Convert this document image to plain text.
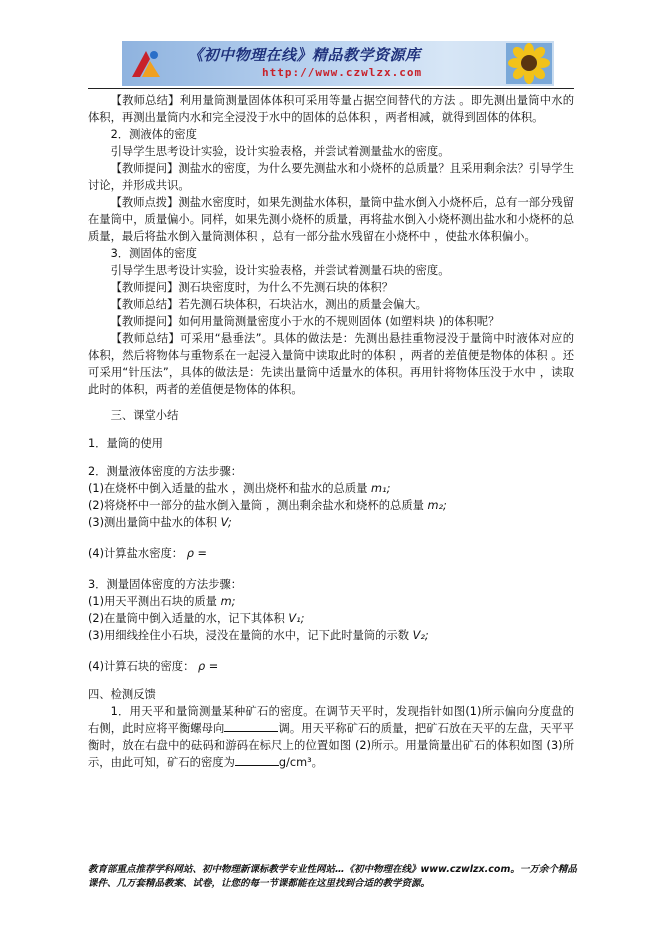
《初中物理在线》精品教学资源库
http://www.czwlzx.com

【教师总结】利用量筒测量固体体积可采用等量占据空间替代的方法 。即先测出量筒中水的体积，再测出量筒内水和完全浸没于水中的固体的总体积 ，两者相减，就得到固体的体积。

2．测液体的密度

引导学生思考设计实验，设计实验表格，并尝试着测量盐水的密度。

【教师提问】测盐水的密度，为什么要先测盐水和小烧杯的总质量？且采用剩余法？引导学生讨论，并形成共识。

【教师点拨】测盐水密度时，如果先测盐水体积，量筒中盐水倒入小烧杯后，总有一部分残留在量筒中，质量偏小。同样，如果先测小烧杯的质量，再将盐水倒入小烧杯测出盐水和小烧杯的总质量，最后将盐水倒入量筒测体积 ，总有一部分盐水残留在小烧杯中 ，使盐水体积偏小。

3．测固体的密度

引导学生思考设计实验，设计实验表格，并尝试着测量石块的密度。

【教师提问】测石块密度时，为什么不先测石块的体积？

【教师总结】若先测石块体积，石块沾水，测出的质量会偏大。

【教师提问】如何用量筒测量密度小于水的不规则固体 (如塑料块 )的体积呢？

【教师总结】可采用“悬垂法”。具体的做法是：先测出悬挂重物浸没于量筒中时液体对应的体积，然后将物体与重物系在一起浸入量筒中读取此时的体积 ，两者的差值便是物体的体积 。还可采用“针压法”，具体的做法是：先读出量筒中适量水的体积。再用针将物体压没于水中 ，读取此时的体积，两者的差值便是物体的体积。

三、课堂小结

1．量筒的使用

2．测量液体密度的方法步骤：

(1)在烧杯中倒入适量的盐水 ，测出烧杯和盐水的总质量 m₁;

(2)将烧杯中一部分的盐水倒入量筒 ，测出剩余盐水和烧杯的总质量 m₂;

(3)测出量筒中盐水的体积 V;

(4)计算盐水密度： ρ =

3．测量固体密度的方法步骤：

(1)用天平测出石块的质量 m;

(2)在量筒中倒入适量的水，记下其体积 V₁;

(3)用细线拴住小石块，浸没在量筒的水中，记下此时量筒的示数 V₂;

(4)计算石块的密度： ρ =

四、检测反馈

1．用天平和量筒测量某种矿石的密度。在调节天平时，发现指针如图(1)所示偏向分度盘的右侧，此时应将平衡螺母向	调。用天平称矿石的质量，把矿石放在天平的左盘，天平平衡时，放在右盘中的砝码和游码在标尺上的位置如图 (2)所示。用量筒量出矿石的体积如图 (3)所示，由此可知，矿石的密度为	g/cm³。

教育部重点推荐学科网站、初中物理新课标教学专业性网站…《初中物理在线》www.czwlzx.com。一万余个精品课件、几万套精品教案、试卷，让您的每一节课都能在这里找到合适的教学资源。
